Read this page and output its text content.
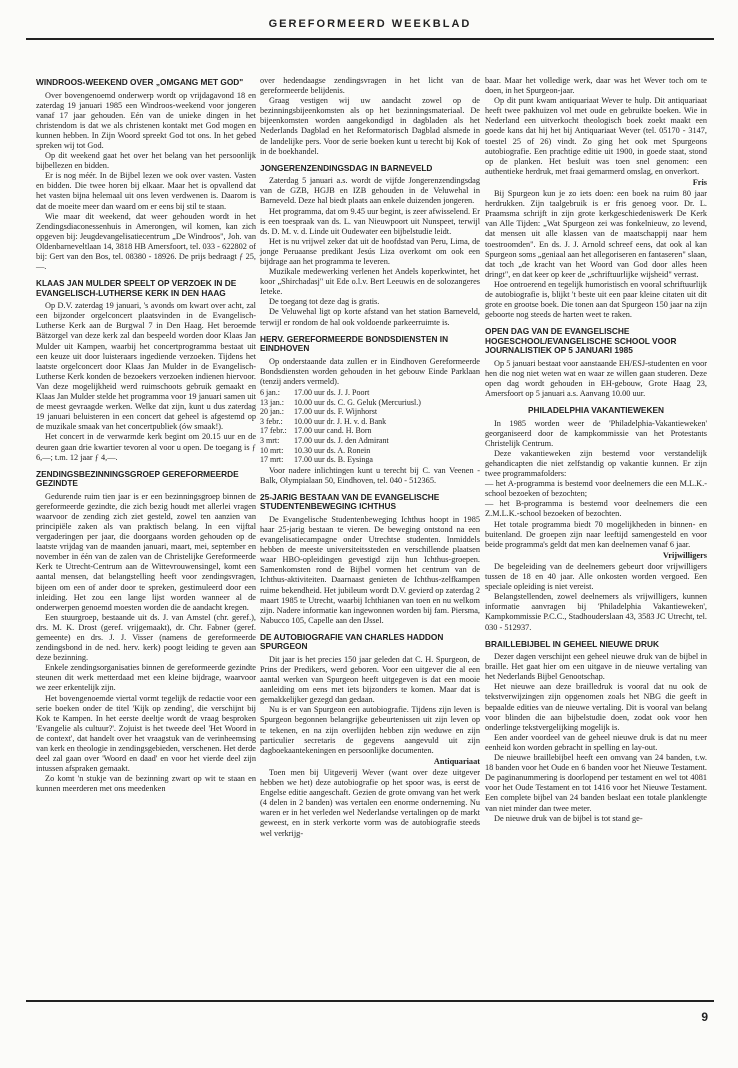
GEREFORMEERD WEEKBLAD
WINDROOS-WEEKEND OVER „OMGANG MET GOD"

Over bovengenoemd onderwerp wordt op vrijdagavond 18 en zaterdag 19 januari 1985 een Windroos-weekend voor jongeren vanaf 17 jaar gehouden. Eén van de unieke dingen in het christendom is dat we als christenen kontakt met God mogen en kunnen hebben. In Zijn Woord spreekt God tot ons. In het gebed spreken wij tot God.

Op dit weekend gaat het over het belang van het persoonlijk bijbellezen en bidden.

Er is nog méér. In de Bijbel lezen we ook over vasten. Vasten en bidden. Die twee horen bij elkaar. Maar het is opvallend dat het vasten bijna helemaal uit ons leven verdwenen is. Daarom is dat de moeite meer dan waard om er eens bij stil te staan.

Wie maar dit weekend, dat weer gehouden wordt in het Zendingsdiaconessenhuis in Amerongen, wil komen, kan zich opgeven bij: Jeugdevangelisatiecentrum „De Windroos", Joh. van Oldenbarneveltlaan 14, 3818 HB Amersfoort, tel. 033 - 622802 of bij: Gert van den Bos, tel. 08380 - 18926. De prijs bedraagt ƒ 25,—.

KLAAS JAN MULDER SPEELT OP VERZOEK IN DE EVANGELISCH-LUTHERSE KERK IN DEN HAAG

Op D.V. zaterdag 19 januari, 's avonds om kwart over acht, zal een bijzonder orgelconcert plaatsvinden in de Evangelisch-Lutherse Kerk aan de Burgwal 7 in Den Haag. Het beroemde Bätzorgel van deze kerk zal dan bespeeld worden door Klaas Jan Mulder uit Kampen, waarbij het concertprogramma bestaat uit een keuze uit door luisteraars ingediende verzoeken. Tijdens het laatste orgelconcert door Klaas Jan Mulder in de Evangelisch-Lutherse Kerk konden de bezoekers verzoeken indienen hiervoor. Van deze mogelijkheid werd ruimschoots gebruik gemaakt en Klaas Jan Mulder stelde het programma voor 19 januari samen uit de meest gevraagde werken. Welke dat zijn, kunt u dus zaterdag 19 januari beluisteren in een concert dat geheel is afgestemd op de muzikale smaak van het concertpubliek (ów smaak!).

Het concert in de verwarmde kerk begint om 20.15 uur en de deuren gaan drie kwartier tevoren al voor u open. De toegang is ƒ 6,—; t.m. 12 jaar ƒ 4,—.

ZENDINGSBEZINNINGSGROEP GEREFORMEERDE GEZINDTE

Gedurende ruim tien jaar is er een bezinningsgroep binnen de gereformeerde gezindte, die zich bezig houdt met allerlei vragen waarvoor de zending zich ziet gesteld, zowel ten aanzien van principiële zaken als van praktisch belang. In een vijftal vergaderingen per jaar, die doorgaans worden gehouden op de laatste vrijdag van de maanden januari, maart, mei, september en november in één van de zalen van de Christelijke Gereformeerde Kerk te Utrecht-Centrum aan de Wittevrouwensingel, komt een aantal mensen, dat belangstelling heeft voor zendingsvragen, bijeen om een of ander door te spreken, gestimuleerd door een inleiding. Het zou een lange lijst worden wanneer al de onderwerpen genoemd moesten worden die de aandacht kregen.

Een stuurgroep, bestaande uit ds. J. van Amstel (chr. geref.), drs. M. K. Drost (geref. vrijgemaakt), dr. Chr. Fabner (geref. gemeente) en drs. J. J. Visser (namens de gereformeerde zendingsbond in de ned. herv. kerk) poogt leiding te geven aan deze bezinning.

Enkele zendingsorganisaties binnen de gereformeerde gezindte steunen dit werk metterdaad met een kleine bijdrage, waarvoor we zeer erkentelijk zijn.

Het bovengenoemde viertal vormt tegelijk de redactie voor een serie boeken onder de titel 'Kijk op zending', die verschijnt bij Kok te Kampen. In het eerste deeltje wordt de vraag besproken 'Evangelie als cultuur?'. Zojuist is het tweede deel 'Het Woord in de context', dat handelt over het vraagstuk van de verinheemsing van kerk en theologie in zendingsgebieden, verschenen. Het derde deel zal gaan over 'Woord en daad' en voor het vierde deel zijn intussen afspraken gemaakt.

Zo komt 'n stukje van de bezinning zwart op wit te staan en kunnen meerderen met ons meedenken

over hedendaagse zendingsvragen in het licht van de gereformeerde belijdenis.

Graag vestigen wij uw aandacht zowel op de bezinningsbijeenkomsten als op het bezinningsmateriaal. De bijeenkomsten worden aangekondigd in dagbladen als het Nederlands Dagblad en het Reformatorisch Dagblad alsmede in de landelijke pers. Voor de serie boeken kunt u terecht bij Kok of in de boekhandel.

JONGERENZENDINGSDAG IN BARNEVELD

Zaterdag 5 januari a.s. wordt de vijfde Jongerenzendingsdag van de GZB, HGJB en IZB gehouden in de Veluwehal in Barneveld. Deze hal biedt plaats aan enkele duizenden jongeren.

Het programma, dat om 9.45 uur begint, is zeer afwisselend. Er is een toespraak van ds. L. van Nieuwpoort uit Nunspeet, terwijl ds. D. M. v. d. Linde uit Oudewater een bijbelstudie leidt.

Het is nu vrijwel zeker dat uit de hoofdstad van Peru, Lima, de jonge Peruaanse predikant Jesús Liza overkomt om ook een bijdrage aan het programma te leveren.

Muzikale medewerking verlenen het Andels koperkwintet, het koor „Shirchadasj" uit Ede o.l.v. Bert Leeuwis en de solozangeres Ieteke.

De toegang tot deze dag is gratis.

De Veluwehal ligt op korte afstand van het station Barneveld, terwijl er rondom de hal ook voldoende parkeerruimte is.

HERV. GEREFORMEERDE BONDSDIENSTEN IN EINDHOVEN

Op onderstaande data zullen er in Eindhoven Gereformeerde Bondsdiensten worden gehouden in het gebouw Einde Parklaan (tenzij anders vermeld).

6 jan.:	17.00 uur ds. J. J. Poort
13 jan.:	10.00 uur ds. C. G. Geluk (Mercuriusl.)
20 jan.:	17.00 uur ds. F. Wijnhorst
3 febr.:	10.00 uur dr. J. H. v. d. Bank
17 febr.: 17.00 uur cand. H. Born
3 mrt:	17.00 uur ds. J. den Admirant
10 mrt:	10.30 uur ds. A. Ronein
17 mrt:	17.00 uur ds. B. Eysinga

Voor nadere inlichtingen kunt u terecht bij C. van Veenen - Balk, Olympialaan 50, Eindhoven, tel. 040 - 512365.

25-JARIG BESTAAN VAN DE EVANGELISCHE STUDENTENBEWEGING ICHTHUS

De Evangelische Studentenbeweging Ichthus hoopt in 1985 haar 25-jarig bestaan te vieren. De beweging ontstond na een evangelisatiecampagne onder Utrechtse studenten. Inmiddels hebben de meeste universiteitssteden en verschillende plaatsen waar HBO-opleidingen gevestigd zijn hun Ichthus-groepen. Samenkomsten rond de Bijbel vormen het centrum van de Ichthus-aktiviteiten. Daarnaast genieten de Ichthus-zelfkampen ruime bekendheid. Het jubileum wordt D.V. gevierd op zaterdag 2 maart 1985 te Utrecht, waarbij Ichthianen van toen en nu welkom zijn. Nadere informatie kan ingewonnen worden bij fam. Piersma, Nabucco 105, Capelle aan den IJssel.

DE AUTOBIOGRAFIE VAN CHARLES HADDON SPURGEON

Dit jaar is het precies 150 jaar geleden dat C. H. Spurgeon, de Prins der Predikers, werd geboren. Voor een uitgever die al een aantal werken van Spurgeon heeft uitgegeven is dat een mooie aanleiding om eens met iets bijzonders te komen. Maar dat is gemakkelijker gezegd dan gedaan.

Nu is er van Spurgeon een autobiografie. Tijdens zijn leven is Spurgeon begonnen belangrijke gebeurtenissen uit zijn leven op te tekenen, en na zijn overlijden hebben zijn weduwe en zijn particulier secretaris de gegevens aangevuld uit zijn dagboekaantekeningen en persoonlijke documenten.

Antiquariaat

Toen men bij Uitgeverij Wever (want over deze uitgever hebben we het) deze autobiografie op het spoor was, is eerst de Engelse editie aangeschaft. Gezien de grote omvang van het werk (4 delen in 2 banden) was vertalen een enorme onderneming. Nu waren er in het verleden wel Nederlandse vertalingen op de markt geweest, en in sterk verkorte vorm was de autobiografie steeds wel verkrijg-

baar. Maar het volledige werk, daar was het Wever toch om te doen, in het Spurgeon-jaar.

Op dit punt kwam antiquariaat Wever te hulp. Dit antiquariaat heeft twee pakhuizen vol met oude en gebruikte boeken. Wie in Nederland een uitverkocht theologisch boek zoekt maakt een goede kans dat hij het bij Antiquariaat Wever (tel. 05170 - 3147, toestel 25 of 26) vindt. Zo ging het ook met Spurgeons autobiografie. Een prachtige editie uit 1900, in goede staat, stond op de planken. Het besluit was toen snel genomen: een authentieke herdruk, met fraai gemarmerd omslag, en onverkort.

Fris

Bij Spurgeon kun je zo iets doen: een boek na ruim 80 jaar herdrukken. Zijn taalgebruik is er fris genoeg voor. Dr. L. Praamsma schrijft in zijn grote kerkgeschiedeniswerk De Kerk van Alle Tijden: „Wat Spurgeon zei was fonkelnieuw, zo levend, dat mensen uit alle klassen van de maatschappij naar hem toestroomden". En ds. J. J. Arnold schreef eens, dat ook al kan Spurgeon soms „geniaal aan het allegoriseren en fantaseren" slaan, dat toch „de kracht van het Woord van God door alles heen dringt", en dat keer op keer de „schriftuurlijke wijsheid" verrast.

Hoe ontroerend en tegelijk humoristisch en vooral schriftuurlijk de autobiografie is, blijkt 't beste uit een paar kleine citaten uit dit grote en grootse boek. Die tonen aan dat Spurgeon 150 jaar na zijn geboorte nog steeds de harten weet te raken.

OPEN DAG VAN DE EVANGELISCHE HOGESCHOOL/EVANGELISCHE SCHOOL VOOR JOURNALISTIEK OP 5 JANUARI 1985

Op 5 januari bestaat voor aanstaande EH/ESJ-studenten en voor hen die nog niet weten wat en waar ze willen gaan studeren. Deze open dag wordt gehouden in EH-gebouw, Grote Haag 23, Amersfoort op 5 januari a.s. Aanvang 10.00 uur.

PHILADELPHIA VAKANTIEWEKEN

In 1985 worden weer de 'Philadelphia-Vakantieweken' georganiseerd door de kampkommissie van het Protestants Christelijk Centrum.

Deze vakantieweken zijn bestemd voor verstandelijk gehandicapten die niet zelfstandig op vakantie kunnen. Er zijn twee programmafolders:

— het A-programma is bestemd voor deelnemers die een M.L.K.-school bezoeken of bezochten;

— het B-programma is bestemd voor deelnemers die een Z.M.L.K.-school bezoeken of bezochten.

Het totale programma biedt 70 mogelijkheden in binnen- en buitenland. De groepen zijn naar leeftijd samengesteld en voor beide programma's geldt dat men kan deelnemen vanaf 6 jaar.

Vrijwilligers

De begeleiding van de deelnemers gebeurt door vrijwilligers tussen de 18 en 40 jaar. Alle onkosten worden vergoed. Een speciale opleiding is niet vereist.

Belangstellenden, zowel deelnemers als vrijwilligers, kunnen informatie aanvragen bij 'Philadelphia Vakantieweken', Kampkommissie P.C.C., Stadhouderslaan 43, 3583 JC Utrecht, tel. 030 - 512937.

BRAILLEBIJBEL IN GEHEEL NIEUWE DRUK

Dezer dagen verschijnt een geheel nieuwe druk van de bijbel in braille. Het gaat hier om een uitgave in de nieuwe vertaling van het Nederlands Bijbel Genootschap.

Het nieuwe aan deze brailledruk is vooral dat nu ook de tekstverwijzingen zijn opgenomen zoals het NBG die geeft in bepaalde edities van de nieuwe vertaling. Dit is vooral van belang voor blinden die aan bijbelstudie doen, zodat ook voor hen onderlinge tekstvergelijking mogelijk is.

Een ander voordeel van de geheel nieuwe druk is dat nu meer eenheid kon worden gebracht in spelling en lay-out.

De nieuwe braillebijbel heeft een omvang van 24 banden, t.w. 18 banden voor het Oude en 6 banden voor het Nieuwe Testament. De paginanummering is doorlopend per testament en wel tot 4081 voor het Oude Testament en tot 1416 voor het Nieuwe Testament. Een complete bijbel van 24 banden beslaat een totale planklengte van niet minder dan twee meter.

De nieuwe druk van de bijbel is tot stand ge-

9
